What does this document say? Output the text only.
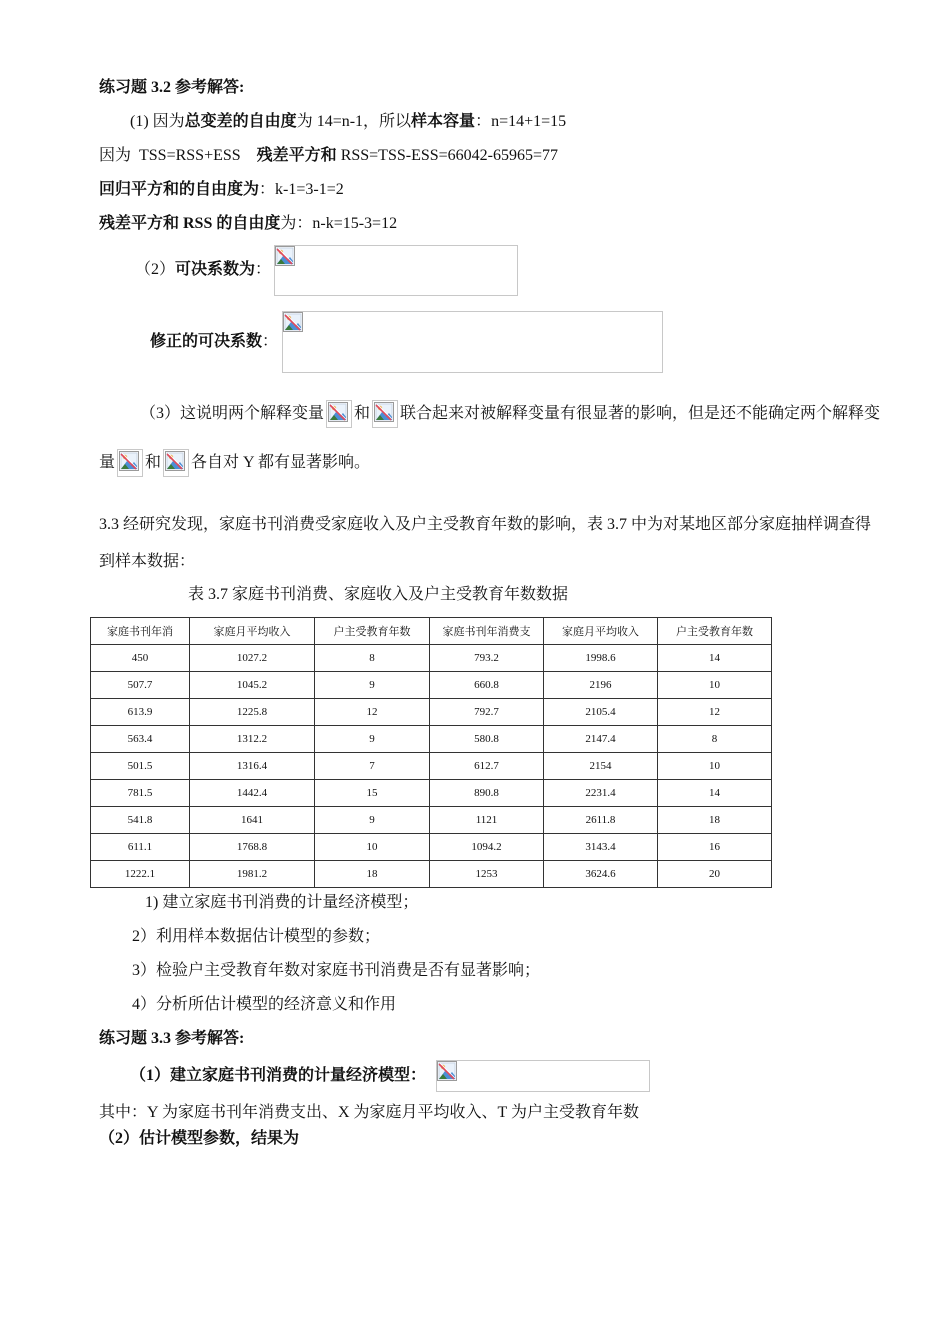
练习题 3.2 参考解答:
(1) 因为总变差的自由度为 14=n-1，所以样本容量：n=14+1=15
因为  TSS=RSS+ESS    残差平方和 RSS=TSS-ESS=66042-65965=77
回归平方和的自由度为：k-1=3-1=2
残差平方和 RSS 的自由度为：n-k=15-3=12
（2）可决系数为：
修正的可决系数：
（3）这说明两个解释变量 和 联合起来对被解释变量有很显著的影响，但是还不能确定两个解释变
量 和 各自对 Y 都有显著影响。
3.3 经研究发现，家庭书刊消费受家庭收入及户主受教育年数的影响，表 3.7 中为对某地区部分家庭抽样调查得
到样本数据：
表 3.7 家庭书刊消费、家庭收入及户主受教育年数数据
家庭书刊年消	家庭月平均收入	户主受教育年数	家庭书刊年消费支	家庭月平均收入	户主受教育年数
450	1027.2	8	793.2	1998.6	14
507.7	1045.2	9	660.8	2196	10
613.9	1225.8	12	792.7	2105.4	12
563.4	1312.2	9	580.8	2147.4	8
501.5	1316.4	7	612.7	2154	10
781.5	1442.4	15	890.8	2231.4	14
541.8	1641	9	1121	2611.8	18
611.1	1768.8	10	1094.2	3143.4	16
1222.1	1981.2	18	1253	3624.6	20
1) 建立家庭书刊消费的计量经济模型；
2）利用样本数据估计模型的参数；
3）检验户主受教育年数对家庭书刊消费是否有显著影响；
4）分析所估计模型的经济意义和作用
练习题 3.3 参考解答:
（1）建立家庭书刊消费的计量经济模型：
其中：Y 为家庭书刊年消费支出、X 为家庭月平均收入、T 为户主受教育年数
（2）估计模型参数，结果为
